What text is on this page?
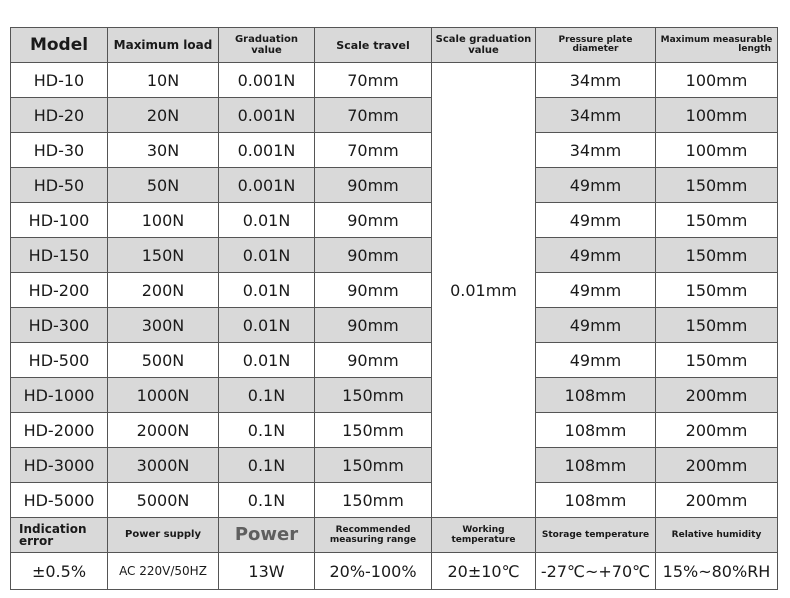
Model	Maximum load	Graduation value	Scale travel	Scale graduation value	Pressure plate diameter	Maximum measurable

length

HD-10	10N	0.001N	70mm	0.01mm	34mm	100mm
HD-20	20N	0.001N	70mm		34mm	100mm
HD-30	30N	0.001N	70mm		34mm	100mm
HD-50	50N	0.001N	90mm		49mm	150mm
HD-100	100N	0.01N	90mm		49mm	150mm
HD-150	150N	0.01N	90mm		49mm	150mm
HD-200	200N	0.01N	90mm		49mm	150mm
HD-300	300N	0.01N	90mm		49mm	150mm
HD-500	500N	0.01N	90mm		49mm	150mm
HD-1000	1000N	0.1N	150mm		108mm	200mm
HD-2000	2000N	0.1N	150mm		108mm	200mm
HD-3000	3000N	0.1N	150mm		108mm	200mm
HD-5000	5000N	0.1N	150mm		108mm	200mm
Indication error	Power supply	Power	Recommended measuring range	Working temperature	Storage temperature	Relative humidity
±0.5%	AC 220V/50HZ	13W	20%-100%	20±10℃	-27℃~+70℃	15%~80%RH
